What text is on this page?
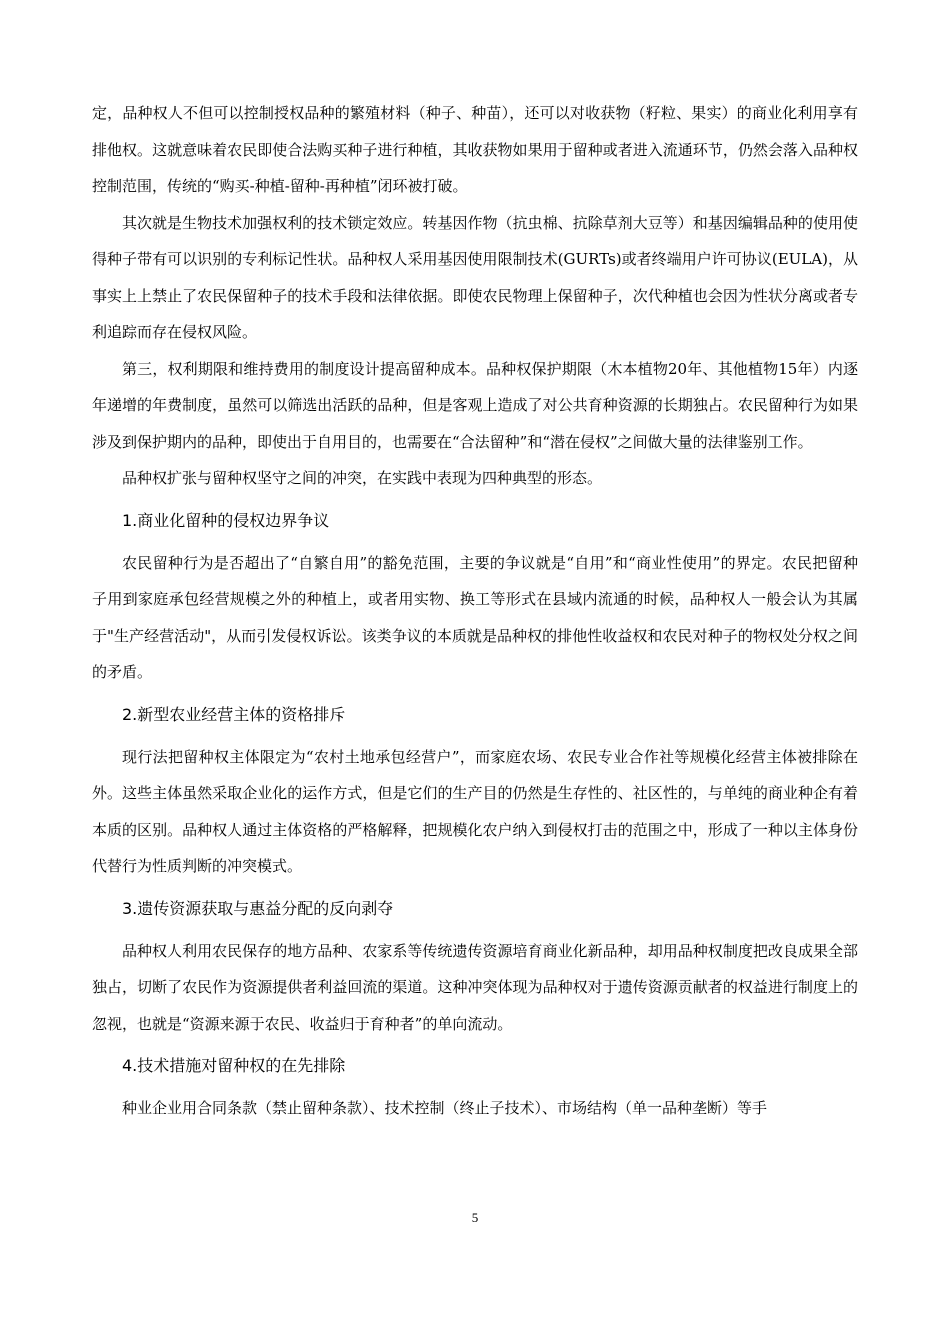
定，品种权人不但可以控制授权品种的繁殖材料（种子、种苗），还可以对收获物（籽粒、果实）的商业化利用享有排他权。这就意味着农民即使合法购买种子进行种植，其收获物如果用于留种或者进入流通环节，仍然会落入品种权控制范围，传统的“购买-种植-留种-再种植”闭环被打破。

其次就是生物技术加强权利的技术锁定效应。转基因作物（抗虫棉、抗除草剂大豆等）和基因编辑品种的使用使得种子带有可以识别的专利标记性状。品种权人采用基因使用限制技术(GURTs)或者终端用户许可协议(EULA)，从事实上上禁止了农民保留种子的技术手段和法律依据。即使农民物理上保留种子，次代种植也会因为性状分离或者专利追踪而存在侵权风险。

第三，权利期限和维持费用的制度设计提高留种成本。品种权保护期限（木本植物20年、其他植物15年）内逐年递增的年费制度，虽然可以筛选出活跃的品种，但是客观上造成了对公共育种资源的长期独占。农民留种行为如果涉及到保护期内的品种，即使出于自用目的，也需要在“合法留种”和“潜在侵权”之间做大量的法律鉴别工作。

品种权扩张与留种权坚守之间的冲突，在实践中表现为四种典型的形态。

1.商业化留种的侵权边界争议

农民留种行为是否超出了“自繁自用”的豁免范围，主要的争议就是“自用”和“商业性使用”的界定。农民把留种子用到家庭承包经营规模之外的种植上，或者用实物、换工等形式在县域内流通的时候，品种权人一般会认为其属于"生产经营活动"，从而引发侵权诉讼。该类争议的本质就是品种权的排他性收益权和农民对种子的物权处分权之间的矛盾。

2.新型农业经营主体的资格排斥

现行法把留种权主体限定为“农村土地承包经营户”，而家庭农场、农民专业合作社等规模化经营主体被排除在外。这些主体虽然采取企业化的运作方式，但是它们的生产目的仍然是生存性的、社区性的，与单纯的商业种企有着本质的区别。品种权人通过主体资格的严格解释，把规模化农户纳入到侵权打击的范围之中，形成了一种以主体身份代替行为性质判断的冲突模式。

3.遗传资源获取与惠益分配的反向剥夺

品种权人利用农民保存的地方品种、农家系等传统遗传资源培育商业化新品种，却用品种权制度把改良成果全部独占，切断了农民作为资源提供者利益回流的渠道。这种冲突体现为品种权对于遗传资源贡献者的权益进行制度上的忽视，也就是“资源来源于农民、收益归于育种者”的单向流动。

4.技术措施对留种权的在先排除

种业企业用合同条款（禁止留种条款）、技术控制（终止子技术）、市场结构（单一品种垄断）等手

5
